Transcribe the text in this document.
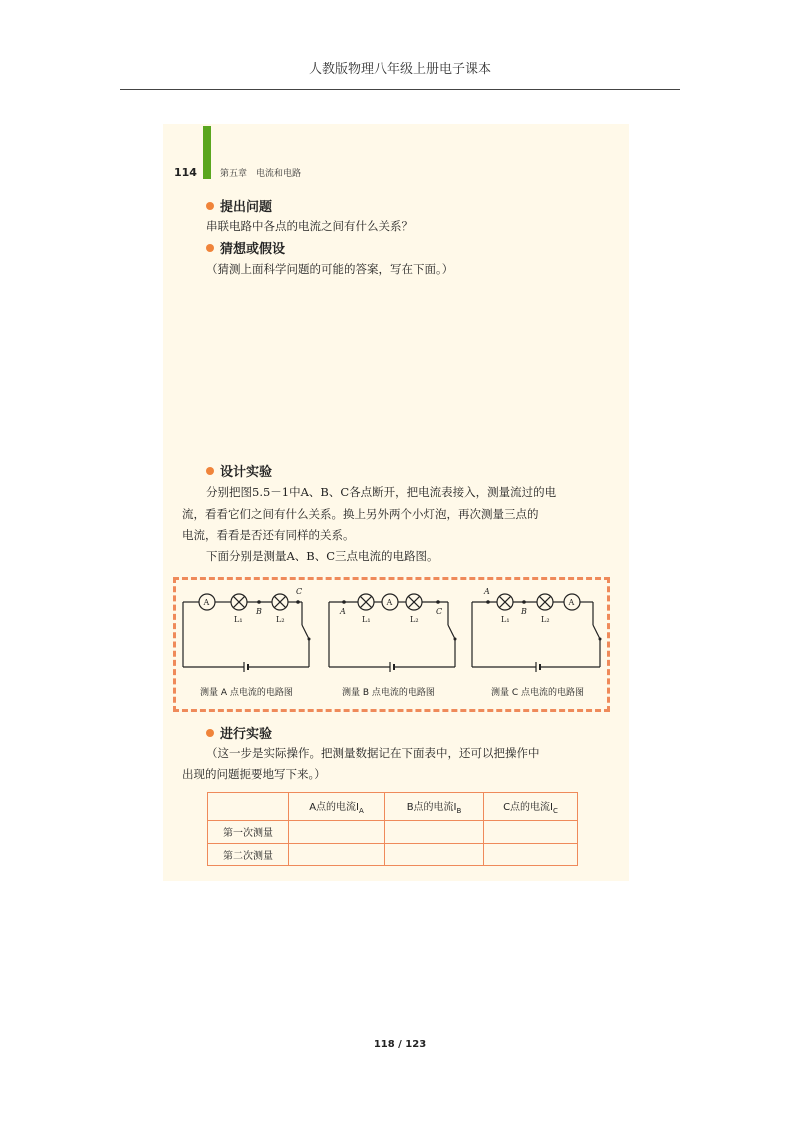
人教版物理八年级上册电子课本
114	第五章　电流和电路
提出问题
串联电路中各点的电流之间有什么关系？
猜想或假设
（猜测上面科学问题的可能的答案，写在下面。）
设计实验
分别把图5.5－1中A、B、C各点断开，把电流表接入，测量流过的电
流，看看它们之间有什么关系。换上另外两个小灯泡，再次测量三点的
电流，看看是否还有同样的关系。
下面分别是测量A、B、C三点电流的电路图。
A
L₁	L₂
B
C
A
L₁	L₂
A	C
A
L₁	L₂
A
B
测量 A 点电流的电路图	测量 B 点电流的电路图	测量 C 点电流的电路图
进行实验
（这一步是实际操作。把测量数据记在下面表中，还可以把操作中
出现的问题扼要地写下来。）
	A点的电流$I_A$	B点的电流$I_B$	C点的电流$I_C$
第一次测量			
第二次测量			
118 / 123
